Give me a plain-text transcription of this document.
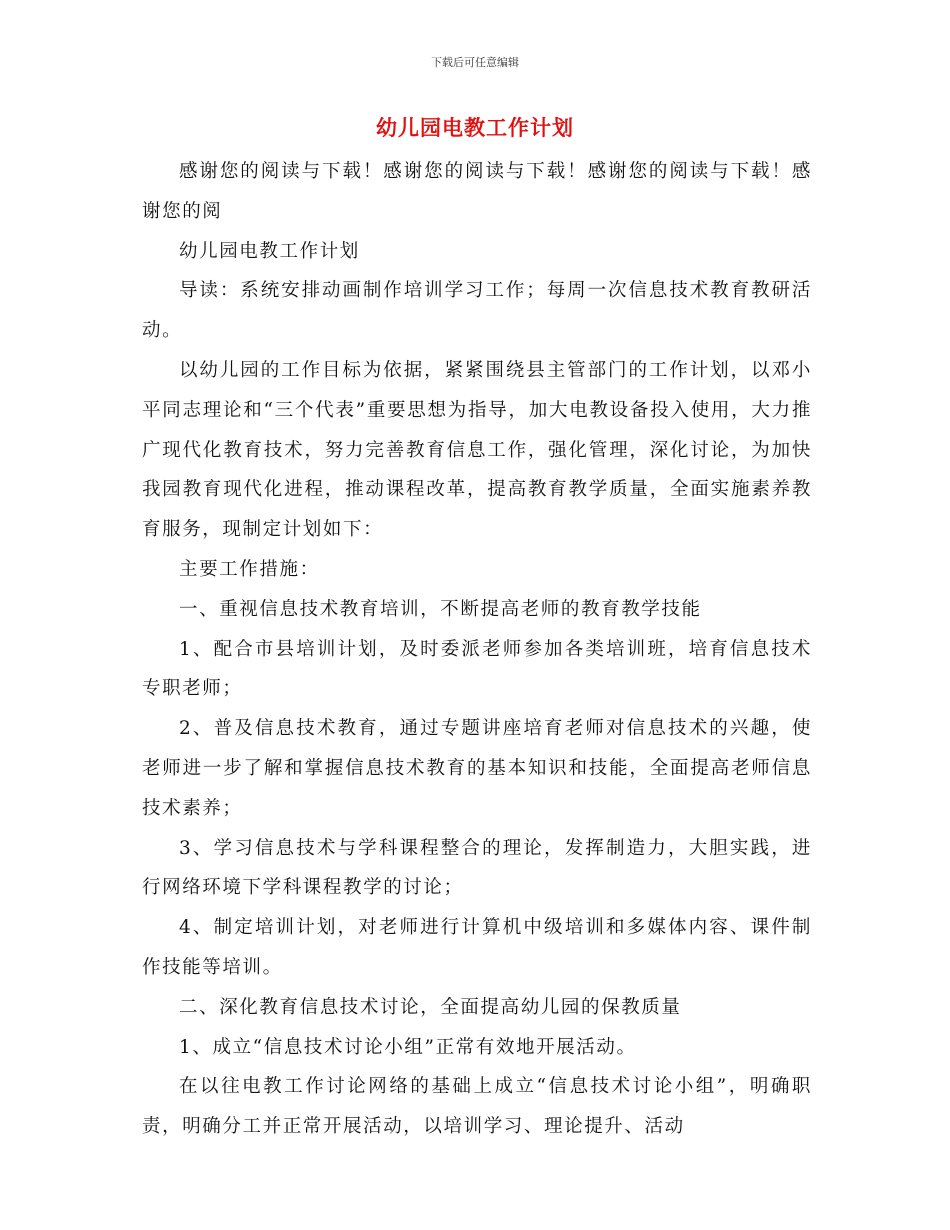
下载后可任意编辑
幼儿园电教工作计划

感谢您的阅读与下载！感谢您的阅读与下载！感谢您的阅读与下载！感谢您的阅

幼儿园电教工作计划

导读：系统安排动画制作培训学习工作；每周一次信息技术教育教研活动。

以幼儿园的工作目标为依据，紧紧围绕县主管部门的工作计划，以邓小平同志理论和“三个代表”重要思想为指导，加大电教设备投入使用，大力推广现代化教育技术，努力完善教育信息工作，强化管理，深化讨论，为加快我园教育现代化进程，推动课程改革，提高教育教学质量，全面实施素养教育服务，现制定计划如下：

主要工作措施：

一、重视信息技术教育培训，不断提高老师的教育教学技能

1、配合市县培训计划，及时委派老师参加各类培训班，培育信息技术专职老师；

2、普及信息技术教育，通过专题讲座培育老师对信息技术的兴趣，使老师进一步了解和掌握信息技术教育的基本知识和技能，全面提高老师信息技术素养；

3、学习信息技术与学科课程整合的理论，发挥制造力，大胆实践，进行网络环境下学科课程教学的讨论；

4、制定培训计划，对老师进行计算机中级培训和多媒体内容、课件制作技能等培训。

二、深化教育信息技术讨论，全面提高幼儿园的保教质量

1、成立“信息技术讨论小组”正常有效地开展活动。

在以往电教工作讨论网络的基础上成立“信息技术讨论小组”，明确职责，明确分工并正常开展活动，以培训学习、理论提升、活动
